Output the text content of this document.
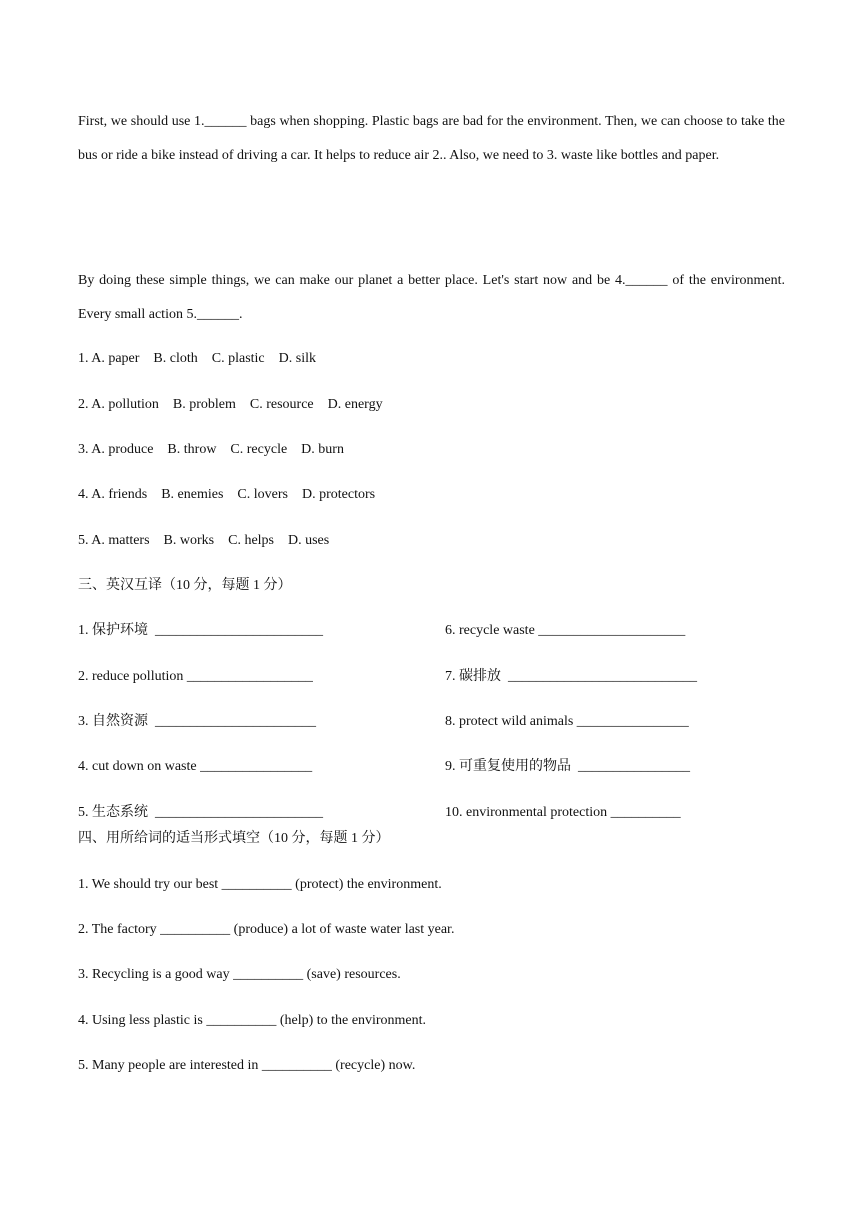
First, we should use 1.______ bags when shopping. Plastic bags are bad for the environment. Then, we can choose to take the bus or ride a bike instead of driving a car. It helps to reduce air 2.. Also, we need to 3. waste like bottles and paper.

By doing these simple things, we can make our planet a better place. Let's start now and be 4.______ of the environment. Every small action 5.______.

1. A. paper    B. cloth    C. plastic    D. silk

2. A. pollution    B. problem    C. resource    D. energy

3. A. produce    B. throw    C. recycle    D. burn

4. A. friends    B. enemies    C. lovers    D. protectors

5. A. matters    B. works    C. helps    D. uses

三、英汉互译（10 分，每题 1 分）

1. 保护环境  ________________________	6. recycle waste _____________________

2. reduce pollution __________________	7. 碳排放  ___________________________

3. 自然资源  _______________________	8. protect wild animals ________________

4. cut down on waste ________________	9. 可重复使用的物品  ________________

5. 生态系统  ________________________	10. environmental protection __________

四、用所给词的适当形式填空（10 分，每题 1 分）

1. We should try our best __________ (protect) the environment.

2. The factory __________ (produce) a lot of waste water last year.

3. Recycling is a good way __________ (save) resources.

4. Using less plastic is __________ (help) to the environment.

5. Many people are interested in __________ (recycle) now.
